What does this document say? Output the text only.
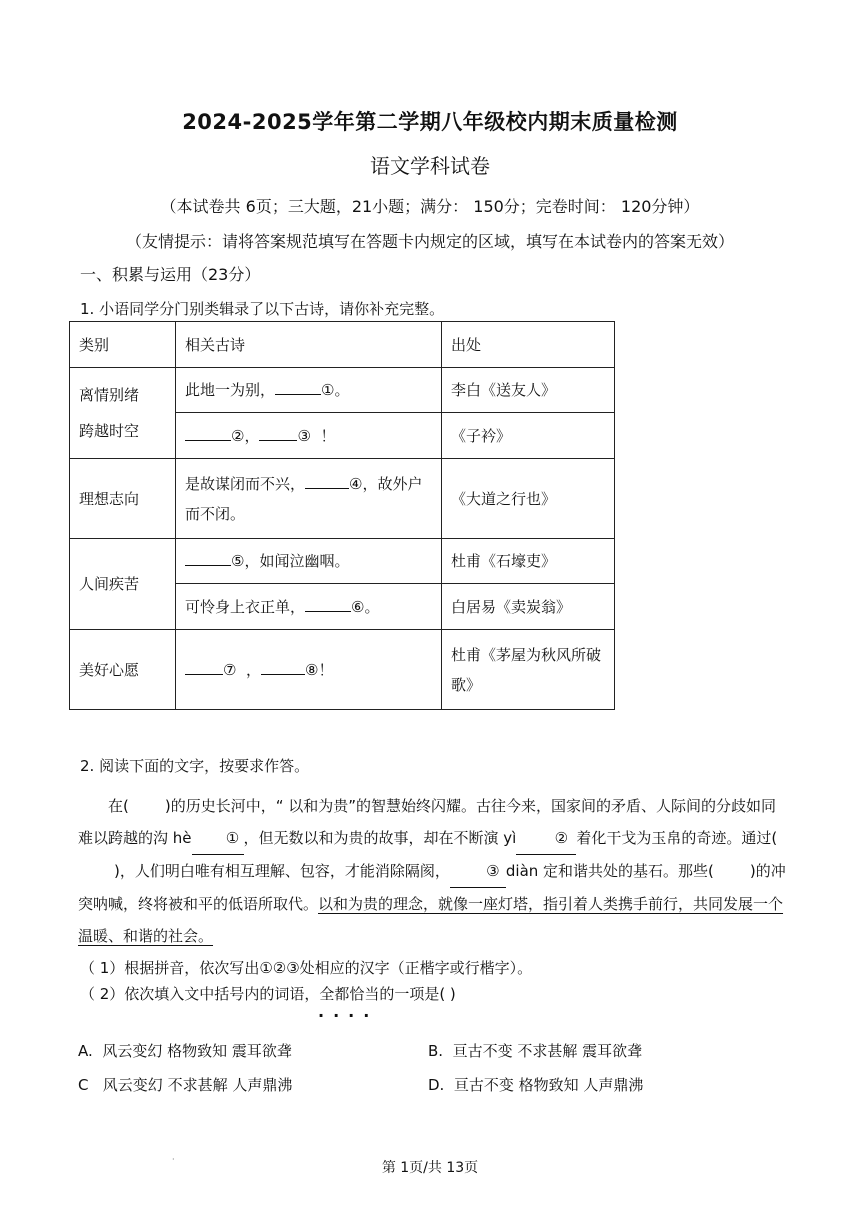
2024-2025学年第二学期八年级校内期末质量检测
语文学科试卷
（本试卷共 6页；三大题，21小题；满分： 150分；完卷时间： 120分钟）
（友情提示：请将答案规范填写在答题卡内规定的区域，填写在本试卷内的答案无效）
一、积累与运用（23分）
1. 小语同学分门别类辑录了以下古诗，请你补充完整。
类别	相关古诗	出处

离情别绪
跨越时空	此地一为别， ①。	李白《送友人》
	②， ③ ！	《子衿》
理想志向	是故谋闭而不兴， ④，故外户
而不闭。	《大道之行也》
人间疾苦	⑤，如闻泣幽咽。	杜甫《石壕吏》
	可怜身上衣正单， ⑥。	白居易《卖炭翁》
美好心愿	⑦ ， ⑧！	杜甫《茅屋为秋风所破
歌》
2. 阅读下面的文字，按要求作答。

在( )的历史长河中，“ 以和为贵”的智慧始终闪耀。古往今来，国家间的矛盾、人际间的分歧如同难以跨越的沟 hè ① ，但无数以和为贵的故事，却在不断演 yì	② 着化干戈为玉帛的奇迹。通过()，人们明白唯有相互理解、包容，才能消除隔阂， ③ diàn 定和谐共处的基石。那些( )的冲突呐喊，终将被和平的低语所取代。以和为贵的理念，就像一座灯塔，指引着人类携手前行，共同发展一个温暖、和谐的社会。

（ 1）根据拼音，依次写出①②③处相应的汉字（正楷字或行楷字）。
（ 2）依次填入文中括号内的词语，全都恰当的一项是( )
····
A. 风云变幻 格物致知 震耳欲聋	B. 亘古不变 不求甚解 震耳欲聋
C 风云变幻 不求甚解 人声鼎沸	D. 亘古不变 格物致知 人声鼎沸
·
第 1页/共 13页
